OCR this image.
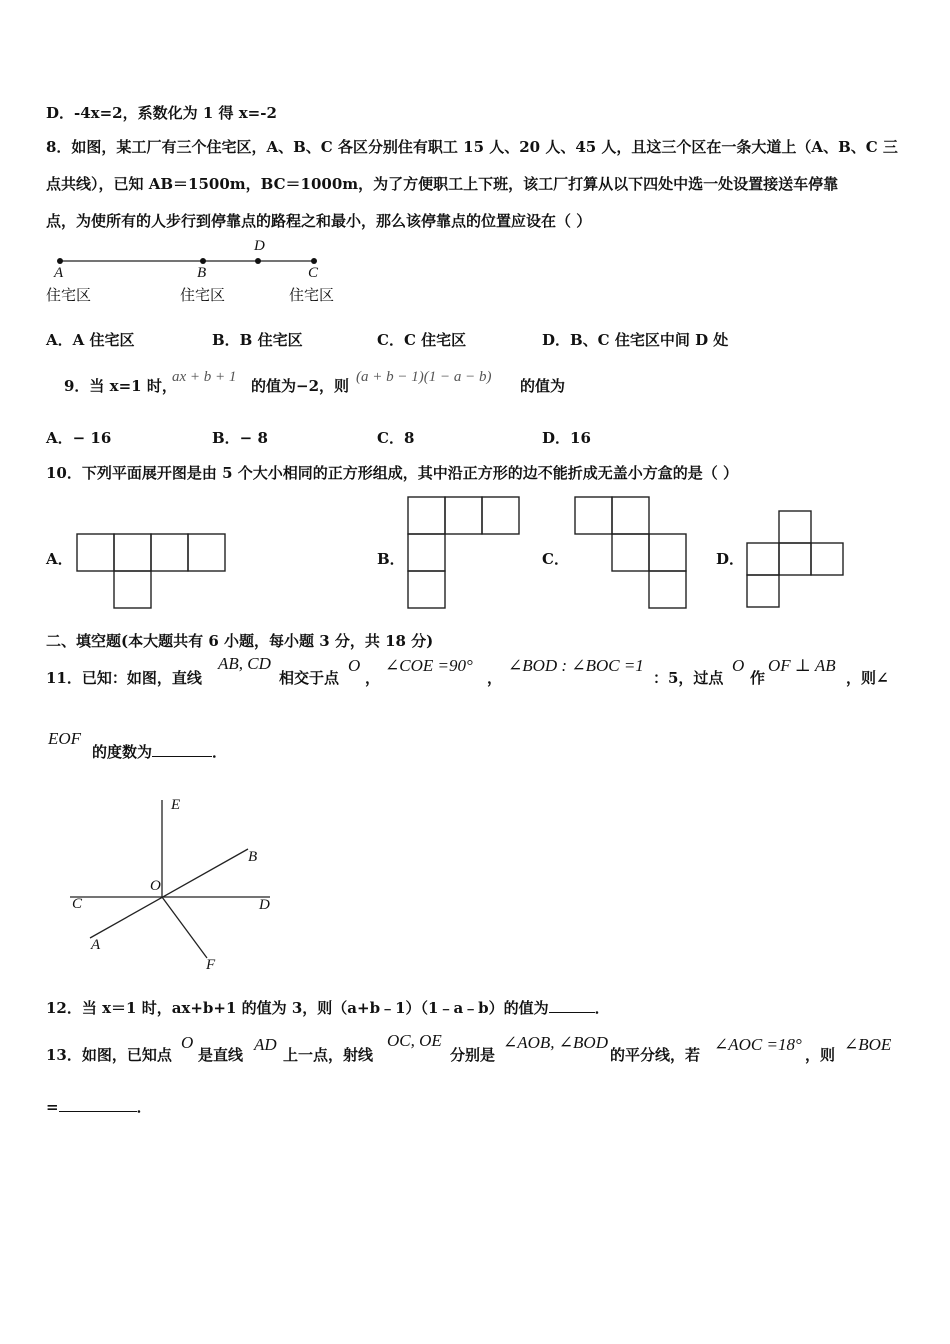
D．-4x=2，系数化为 1 得 x=-2
8．如图，某工厂有三个住宅区，A、B、C 各区分别住有职工 15 人、20 人、45 人，且这三个区在一条大道上（A、B、C 三
点共线），已知 AB＝1500m，BC＝1000m，为了方便职工上下班，该工厂打算从以下四处中选一处设置接送车停靠
点，为使所有的人步行到停靠点的路程之和最小，那么该停靠点的位置应设在（ ）
D
A	B	C
住宅区	住宅区	住宅区
A．A 住宅区	B．B 住宅区	C．C 住宅区	D．B、C 住宅区中间 D 处
9．当 x=1 时，
ax + b + 1 的值为−2，则 (a + b − 1)(1 − a − b) 的值为
A．− 16	B．− 8	C．8	D．16
10．下列平面展开图是由 5 个大小相同的正方形组成，其中沿正方形的边不能折成无盖小方盒的是（ ）
A．	B．	C．	D．
二、填空题(本大题共有 6 小题，每小题 3 分，共 18 分)
11．已知：如图，直线
AB, CD
相交于点
O
，
∠COE =90°
，
∠BOD : ∠BOC =1
：5，过点
O
作
OF ⊥ AB
，则∠
EOF
的度数为	．
E
B
O
C	D
A
F
12．当 x＝1 时，ax+b+1 的值为 3，则（a+b﹣1）（1﹣a﹣b）的值为	．
13．如图，已知点
O
是直线
AD
上一点，射线
OC, OE
分别是
∠AOB, ∠BOD
的平分线，若
∠AOC =18°
，则
∠BOE
=	．
